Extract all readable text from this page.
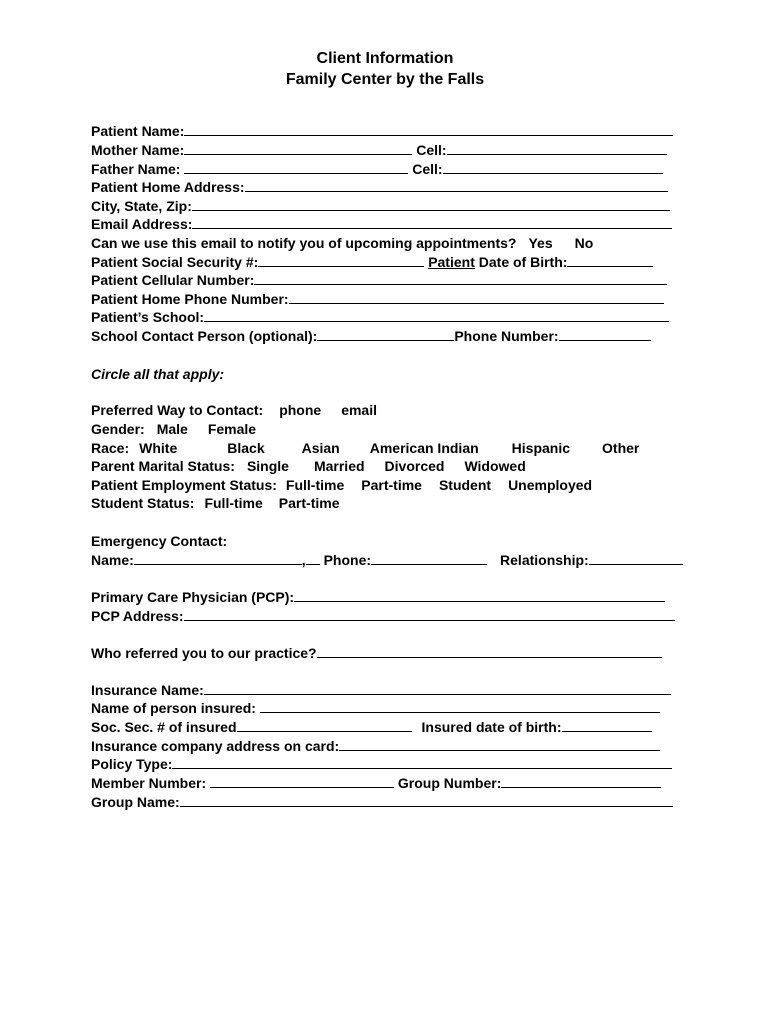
Client Information
Family Center by the Falls
Patient Name:
Mother Name:	Cell:
Father Name:	Cell:
Patient Home Address:
City, State, Zip:
Email Address:
Can we use this email to notify you of upcoming appointments? Yes No
Patient Social Security #:	Patient Date of Birth:
Patient Cellular Number:
Patient Home Phone Number:
Patient’s School:
School Contact Person (optional):	Phone Number:
Circle all that apply:
Preferred Way to Contact: phone email
Gender: Male Female
Race: White	Black	Asian American Indian Hispanic Other
Parent Marital Status: Single Married Divorced Widowed
Patient Employment Status: Full-time Part-time Student Unemployed
Student Status: Full-time Part-time
Emergency Contact:
Name:	, Phone:	Relationship:
Primary Care Physician (PCP):
PCP Address:
Who referred you to our practice?
Insurance Name:
Name of person insured:
Soc. Sec. # of insured	Insured date of birth:
Insurance company address on card:
Policy Type:
Member Number:	Group Number:
Group Name:
